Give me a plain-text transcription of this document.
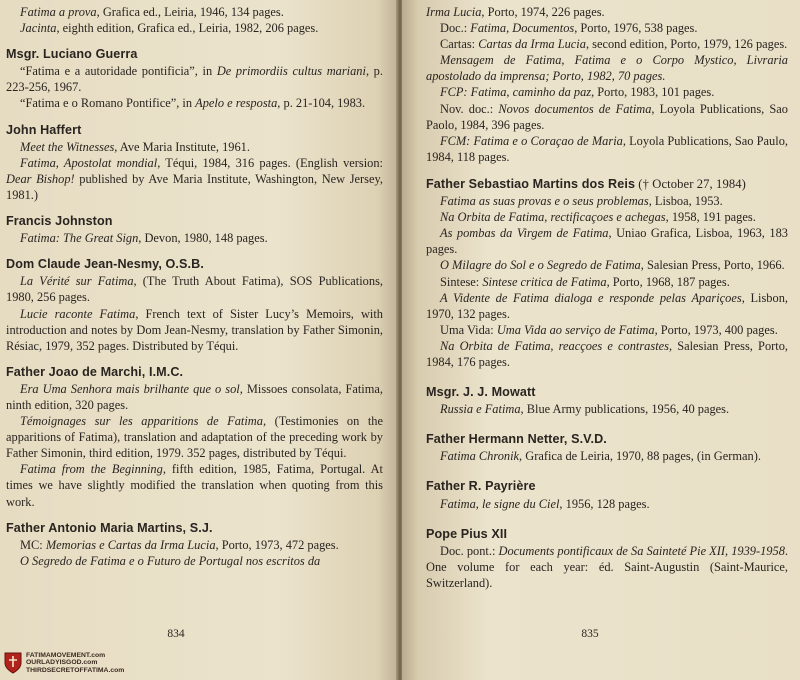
Fatima a prova, Grafica ed., Leiria, 1946, 134 pages.

Jacinta, eighth edition, Grafica ed., Leiria, 1982, 206 pages.

Msgr. Luciano Guerra

“Fatima e a autoridade pontificia”, in De primordiis cultus mariani, p. 223-256, 1967.

“Fatima e o Romano Pontifice”, in Apelo e resposta, p. 21-104, 1983.

John Haffert

Meet the Witnesses, Ave Maria Institute, 1961.

Fatima, Apostolat mondial, Téqui, 1984, 316 pages. (English version: Dear Bishop! published by Ave Maria Institute, Washington, New Jersey, 1981.)

Francis Johnston

Fatima: The Great Sign, Devon, 1980, 148 pages.

Dom Claude Jean-Nesmy, O.S.B.

La Vérité sur Fatima, (The Truth About Fatima), SOS Publications, 1980, 256 pages.

Lucie raconte Fatima, French text of Sister Lucy’s Memoirs, with introduction and notes by Dom Jean-Nesmy, translation by Father Simonin, Résiac, 1979, 352 pages. Distributed by Téqui.

Father Joao de Marchi, I.M.C.

Era Uma Senhora mais brilhante que o sol, Missoes consolata, Fatima, ninth edition, 320 pages.

Témoignages sur les apparitions de Fatima, (Testimonies on the apparitions of Fatima), translation and adaptation of the preceding work by Father Simonin, third edition, 1979. 352 pages, distributed by Téqui.

Fatima from the Beginning, fifth edition, 1985, Fatima, Portugal. At times we have slightly modified the translation when quoting from this work.

Father Antonio Maria Martins, S.J.

MC: Memorias e Cartas da Irma Lucia, Porto, 1973, 472 pages.

O Segredo de Fatima e o Futuro de Portugal nos escritos da

834
FATIMAMOVEMENT.com
OURLADYISGOD.com
THIRDSECRETOFFATIMA.com

Irma Lucia, Porto, 1974, 226 pages.

Doc.: Fatima, Documentos, Porto, 1976, 538 pages.

Cartas: Cartas da Irma Lucia, second edition, Porto, 1979, 126 pages.

Mensagem de Fatima, Fatima e o Corpo Mystico, Livraria apostolado da imprensa; Porto, 1982, 70 pages.

FCP: Fatima, caminho da paz, Porto, 1983, 101 pages.

Nov. doc.: Novos documentos de Fatima, Loyola Publications, Sao Paolo, 1984, 396 pages.

FCM: Fatima e o Coraçao de Maria, Loyola Publications, Sao Paulo, 1984, 118 pages.

Father Sebastiao Martins dos Reis († October 27, 1984)

Fatima as suas provas e o seus problemas, Lisboa, 1953.

Na Orbita de Fatima, rectificaçoes e achegas, 1958, 191 pages.

As pombas da Virgem de Fatima, Uniao Grafica, Lisboa, 1963, 183 pages.

O Milagre do Sol e o Segredo de Fatima, Salesian Press, Porto, 1966.

Sintese: Sintese critica de Fatima, Porto, 1968, 187 pages.

A Vidente de Fatima dialoga e responde pelas Apariçoes, Lisbon, 1970, 132 pages.

Uma Vida: Uma Vida ao serviço de Fatima, Porto, 1973, 400 pages.

Na Orbita de Fatima, reacçoes e contrastes, Salesian Press, Porto, 1984, 176 pages.

Msgr. J. J. Mowatt

Russia e Fatima, Blue Army publications, 1956, 40 pages.

Father Hermann Netter, S.V.D.

Fatima Chronik, Grafica de Leiria, 1970, 88 pages, (in German).

Father R. Payrière

Fatima, le signe du Ciel, 1956, 128 pages.

Pope Pius XII

Doc. pont.: Documents pontificaux de Sa Sainteté Pie XII, 1939-1958. One volume for each year: éd. Saint-Augustin (Saint-Maurice, Switzerland).

835
